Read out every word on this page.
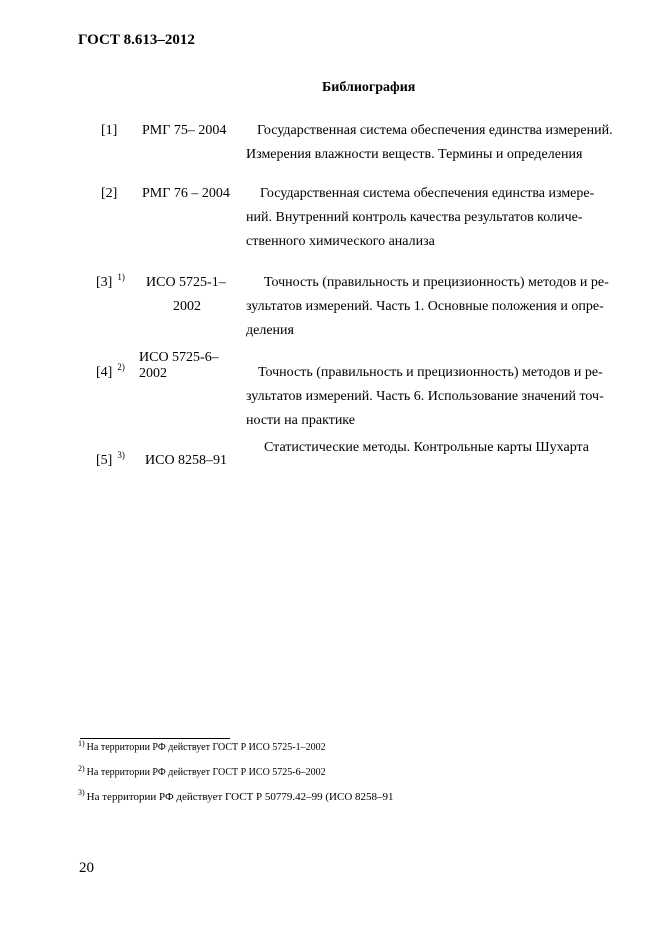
ГОСТ 8.613–2012
Библиография
[1] РМГ 75– 2004 Государственная система обеспечения единства измерений.
Измерения влажности веществ. Термины и определения
[2] РМГ 76 – 2004 Государственная система обеспечения единства измере-
ний. Внутренний контроль качества результатов количе-
ственного химического анализа
[3] $^{1)}$ ИСО 5725-1–
2002
Точность (правильность и прецизионность) методов и ре-
зультатов измерений. Часть 1. Основные положения и опре-
деления
[4] $^{2)}$
ИСО 5725-6–
2002	Точность (правильность и прецизионность) методов и ре-
зультатов измерений. Часть 6. Использование значений точ-
ности на практике
[5] $^{3)}$ ИСО 8258–91
Статистические методы. Контрольные карты Шухарта
$^{1)}$ На территории РФ действует ГОСТ Р ИСО 5725-1–2002
$^{2)}$ На территории РФ действует ГОСТ Р ИСО 5725-6–2002
$^{3)}$ На территории РФ действует ГОСТ Р 50779.42–99 (ИСО 8258–91
20
